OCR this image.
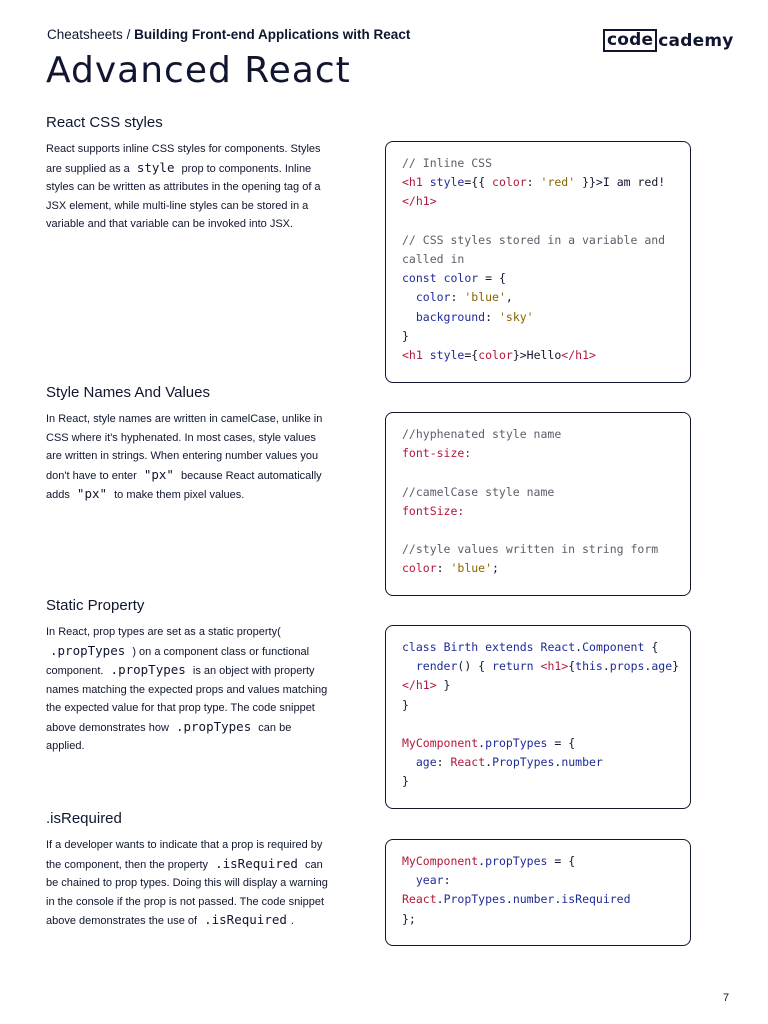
Cheatsheets / Building Front-end Applications with React	code cademy
Advanced React
React CSS styles
React supports inline CSS styles for components. Styles are supplied as a style prop to components. Inline styles can be written as attributes in the opening tag of a JSX element, while multi-line styles can be stored in a variable and that variable can be invoked into JSX.
// Inline CSS
<h1 style={{ color: 'red' }}>I am red!
</h1>

// CSS styles stored in a variable and
called in
const color = {
color: 'blue',
background: 'sky'
}
<h1 style={color}>Hello</h1>
Style Names And Values
In React, style names are written in camelCase, unlike in CSS where it's hyphenated. In most cases, style values are written in strings. When entering number values you don't have to enter "px" because React automatically adds "px" to make them pixel values.
//hyphenated style name
font-size:

//camelCase style name
fontSize:

//style values written in string form
color: 'blue';
Static Property
In React, prop types are set as a static property( .propTypes ) on a component class or functional component. .propTypes is an object with property names matching the expected props and values matching the expected value for that prop type. The code snippet above demonstrates how .propTypes can be applied.
class Birth extends React.Component {
render() { return <h1>{this.props.age}
</h1> }
}

MyComponent.propTypes = {
age: React.PropTypes.number
}
.isRequired
If a developer wants to indicate that a prop is required by the component, then the property .isRequired can be chained to prop types. Doing this will display a warning in the console if the prop is not passed. The code snippet above demonstrates the use of .isRequired .
MyComponent.propTypes = {
year:
React.PropTypes.number.isRequired
};
7
